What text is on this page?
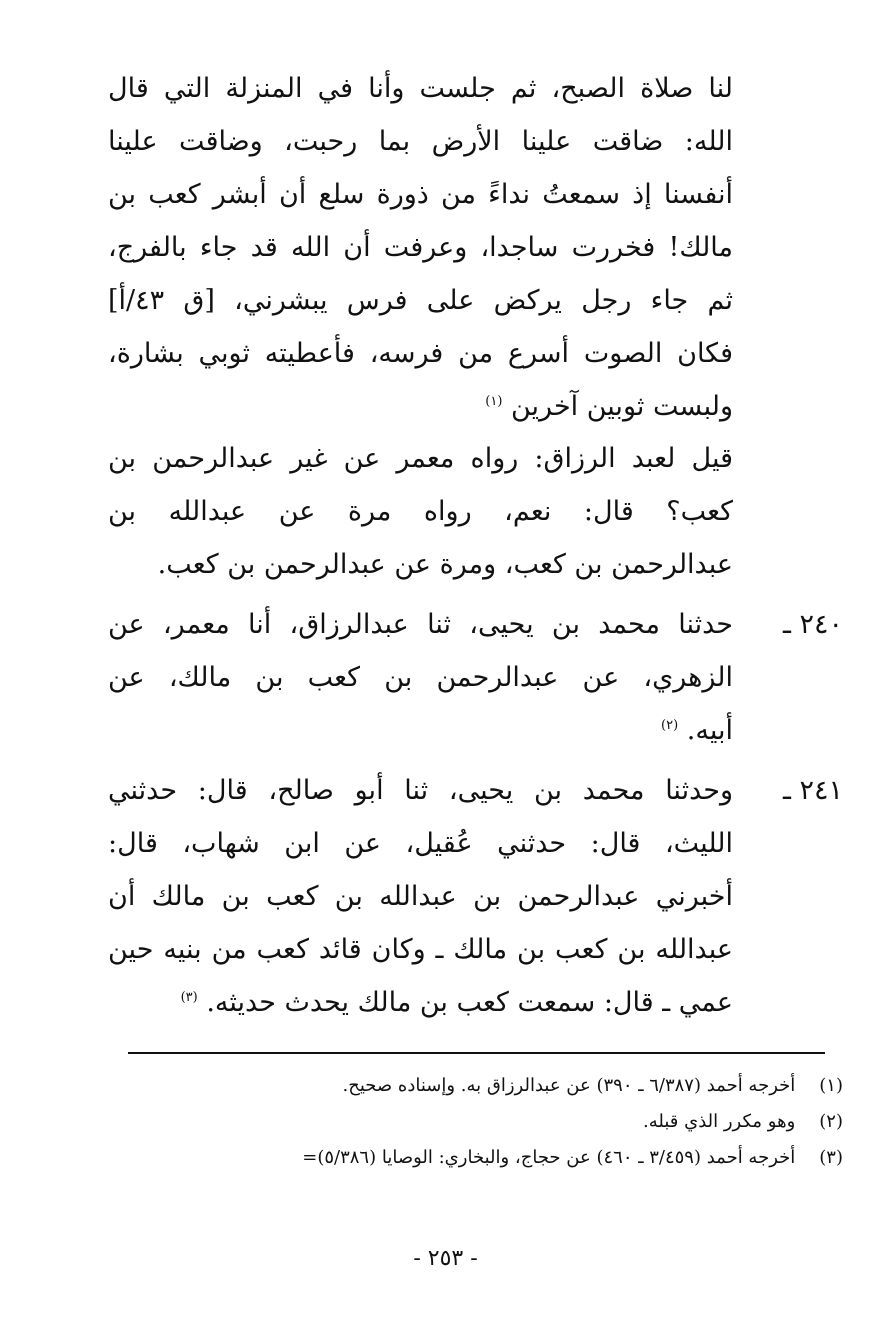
لنا صلاة الصبح، ثم جلست وأنا في المنزلة التي قال
الله: ضاقت علينا الأرض بما رحبت، وضاقت علينا
أنفسنا إذ سمعتُ نداءً من ذورة سلع أن أبشر كعب بن
مالك! فخررت ساجدا، وعرفت أن الله قد جاء بالفرج،
ثم جاء رجل يركض على فرس يبشرني، [ق ٤٣/أ]
فكان الصوت أسرع من فرسه، فأعطيته ثوبي بشارة،
ولبست ثوبين آخرين $^{(١)}$
قيل لعبد الرزاق: رواه معمر عن غير عبدالرحمن بن
كعب؟ قال: نعم، رواه مرة عن عبدالله بن
عبدالرحمن بن كعب، ومرة عن عبدالرحمن بن كعب.
٢٤٠ ـ
حدثنا محمد بن يحيى، ثنا عبدالرزاق، أنا معمر، عن
الزهري، عن عبدالرحمن بن كعب بن مالك، عن
أبيه. $^{(٢)}$
٢٤١ ـ
وحدثنا محمد بن يحيى، ثنا أبو صالح، قال: حدثني
الليث، قال: حدثني عُقيل، عن ابن شهاب، قال:
أخبرني عبدالرحمن بن عبدالله بن كعب بن مالك أن
عبدالله بن كعب بن مالك ـ وكان قائد كعب من بنيه حين
عمي ـ قال: سمعت كعب بن مالك يحدث حديثه. $^{(٣)}$
(١) أخرجه أحمد (٦/٣٨٧ ـ ٣٩٠) عن عبدالرزاق به. وإسناده صحيح.
(٢) وهو مكرر الذي قبله.
(٣) أخرجه أحمد (٣/٤٥٩ ـ ٤٦٠) عن حجاج، والبخاري: الوصايا (٥/٣٨٦)=
- ٢٥٣ -
